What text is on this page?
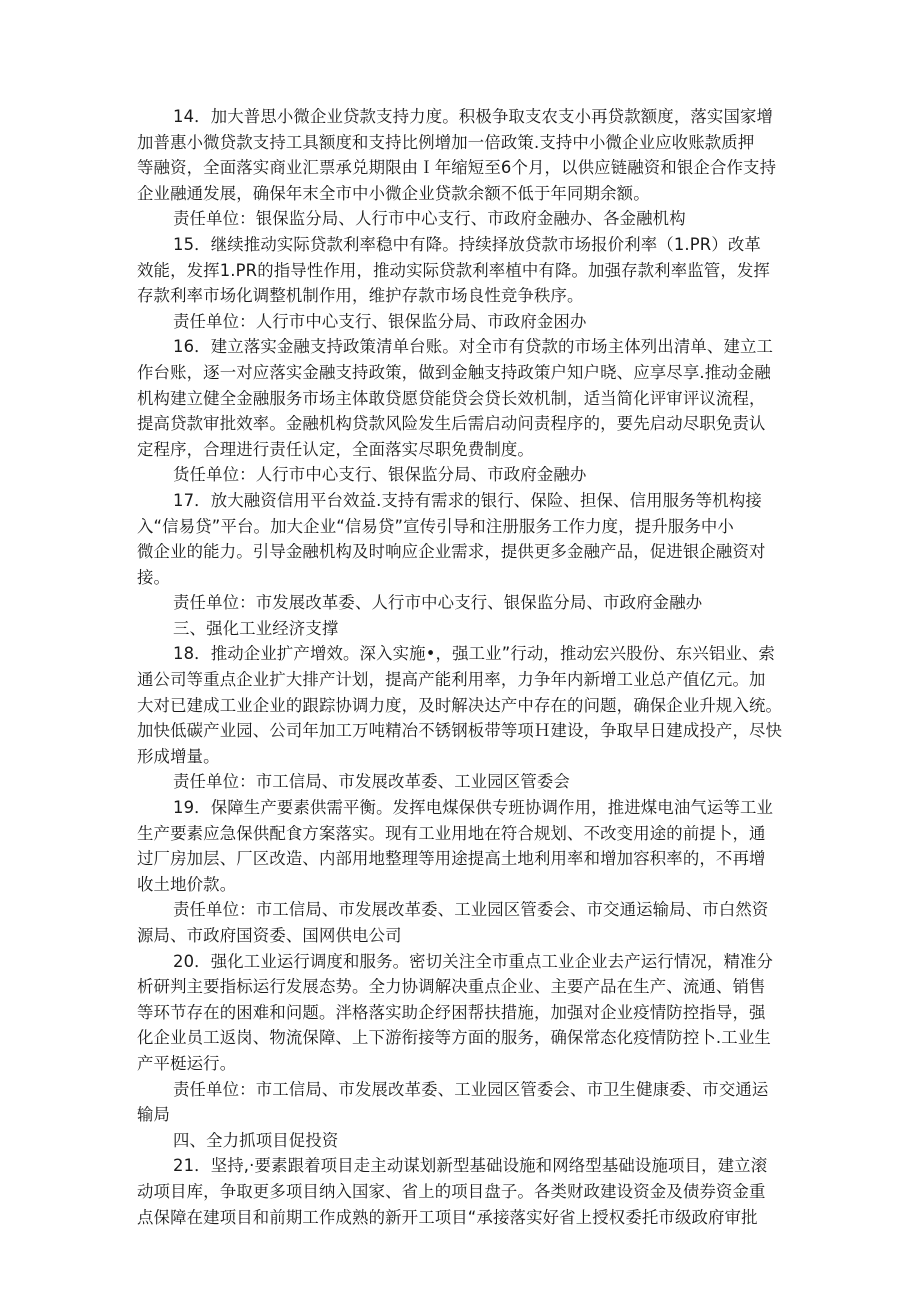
14．加大普思小微企业贷款支持力度。积极争取支农支小再贷款额度，落实国家增
加普惠小微贷款支持工具额度和支持比例增加一倍政策.支持中小微企业应收账款质押
等融资，全面落实商业汇票承兑期限由Ｉ年缩短至6个月，以供应链融资和银企合作支持
企业融通发展，确保年末全市中小微企业贷款余额不低于年同期余额。
责任单位：银保监分局、人行市中心支行、市政府金融办、各金融机构
15．继续推动实际贷款利率稳中有降。持续择放贷款市场报价利率（1.PR）改革
效能，发挥1.PR的指导性作用，推动实际贷款利率植中有降。加强存款利率监管，发挥
存款利率市场化调整机制作用，维护存款市场良性竞争秩序。
责任单位：人行市中心支行、银保监分局、市政府金困办
16．建立落实金融支持政策清单台账。对全市有贷款的市场主体列出清单、建立工
作台账，逐一对应落实金融支持政策，做到金触支持政策户知户晓、应享尽享.推动金融
机构建立健全金融服务市场主体敢贷愿贷能贷会贷长效机制，适当简化评审评议流程，
提高贷款审批效率。金融机构贷款风险发生后需启动问责程序的，要先启动尽职免责认
定程序，合理进行责任认定，全面落实尽职免费制度。
货任单位：人行市中心支行、银保监分局、市政府金融办
17．放大融资信用平台效益.支持有需求的银行、保险、担保、信用服务等机构接
入“信易贷”平台。加大企业“信易贷”宣传引导和注册服务工作力度，提升服务中小
微企业的能力。引导金融机构及时响应企业需求，提供更多金融产品，促进银企融资对
接。
责任单位：市发展改革委、人行市中心支行、银保监分局、市政府金融办
三、强化工业经济支撑
18．推动企业扩产增效。深入实施•，强工业”行动，推动宏兴股份、东兴铝业、索
通公司等重点企业扩大排产计划，提高产能利用率，力争年内新增工业总产值亿元。加
大对已建成工业企业的跟踪协调力度，及时解决达产中存在的问题，确保企业升规入统。
加快低碳产业园、公司年加工万吨精冶不锈钢板带等项Ｈ建设，争取早日建成投产，尽快
形成增量。
责任单位：市工信局、市发展改革委、工业园区管委会
19．保障生产要素供需平衡。发挥电煤保供专班协调作用，推进煤电油气运等工业
生产要素应急保供配食方案落实。现有工业用地在符合规划、不改变用途的前提卜，通
过厂房加层、厂区改造、内部用地整理等用途提高土地利用率和增加容积率的，不再增
收土地价款。
责任单位：市工信局、市发展改革委、工业园区管委会、市交通运输局、市白然资
源局、市政府国资委、国网供电公司
20．强化工业运行调度和服务。密切关注全市重点工业企业去产运行情况，精准分
析研判主要指标运行发展态势。全力协调解决重点企业、主要产品在生产、流通、销售
等环节存在的困难和问题。泮格落实助企纾困帮扶措施，加强对企业疫情防控指导，强
化企业员工返岗、物流保障、上下游衔接等方面的服务，确保常态化疫情防控卜.工业生
产平梃运行。
责任单位：市工信局、市发展改革委、工业园区管委会、市卫生健康委、市交通运
输局
四、全力抓项目促投资
21．坚持,·要素跟着项目走主动谋划新型基础设施和网络型基础设施项目，建立滚
动项目库，争取更多项目纳入国家、省上的项目盘子。各类财政建设资金及债券资金重
点保障在建项目和前期工作成熟的新开工项目“承接落实好省上授权委托市级政府审批
